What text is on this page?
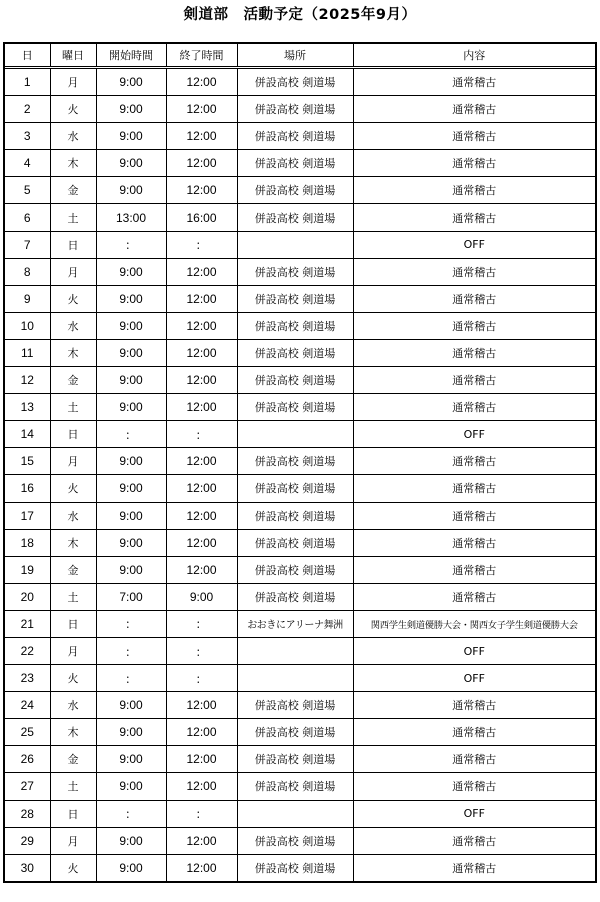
剣道部　活動予定（2025年9月）
日	曜日	開始時間	終了時間	場所	内容
1	月	9:00	12:00	併設高校 剣道場	通常稽古
2	火	9:00	12:00	併設高校 剣道場	通常稽古
3	水	9:00	12:00	併設高校 剣道場	通常稽古
4	木	9:00	12:00	併設高校 剣道場	通常稽古
5	金	9:00	12:00	併設高校 剣道場	通常稽古
6	土	13:00	16:00	併設高校 剣道場	通常稽古
7	日	：	：		OFF
8	月	9:00	12:00	併設高校 剣道場	通常稽古
9	火	9:00	12:00	併設高校 剣道場	通常稽古
10	水	9:00	12:00	併設高校 剣道場	通常稽古
11	木	9:00	12:00	併設高校 剣道場	通常稽古
12	金	9:00	12:00	併設高校 剣道場	通常稽古
13	土	9:00	12:00	併設高校 剣道場	通常稽古
14	日	：	：		OFF
15	月	9:00	12:00	併設高校 剣道場	通常稽古
16	火	9:00	12:00	併設高校 剣道場	通常稽古
17	水	9:00	12:00	併設高校 剣道場	通常稽古
18	木	9:00	12:00	併設高校 剣道場	通常稽古
19	金	9:00	12:00	併設高校 剣道場	通常稽古
20	土	7:00	9:00	併設高校 剣道場	通常稽古
21	日	：	：	おおきにアリーナ舞洲	関西学生剣道優勝大会・関西女子学生剣道優勝大会
22	月	：	：		OFF
23	火	：	：		OFF
24	水	9:00	12:00	併設高校 剣道場	通常稽古
25	木	9:00	12:00	併設高校 剣道場	通常稽古
26	金	9:00	12:00	併設高校 剣道場	通常稽古
27	土	9:00	12:00	併設高校 剣道場	通常稽古
28	日	：	：		OFF
29	月	9:00	12:00	併設高校 剣道場	通常稽古
30	火	9:00	12:00	併設高校 剣道場	通常稽古
